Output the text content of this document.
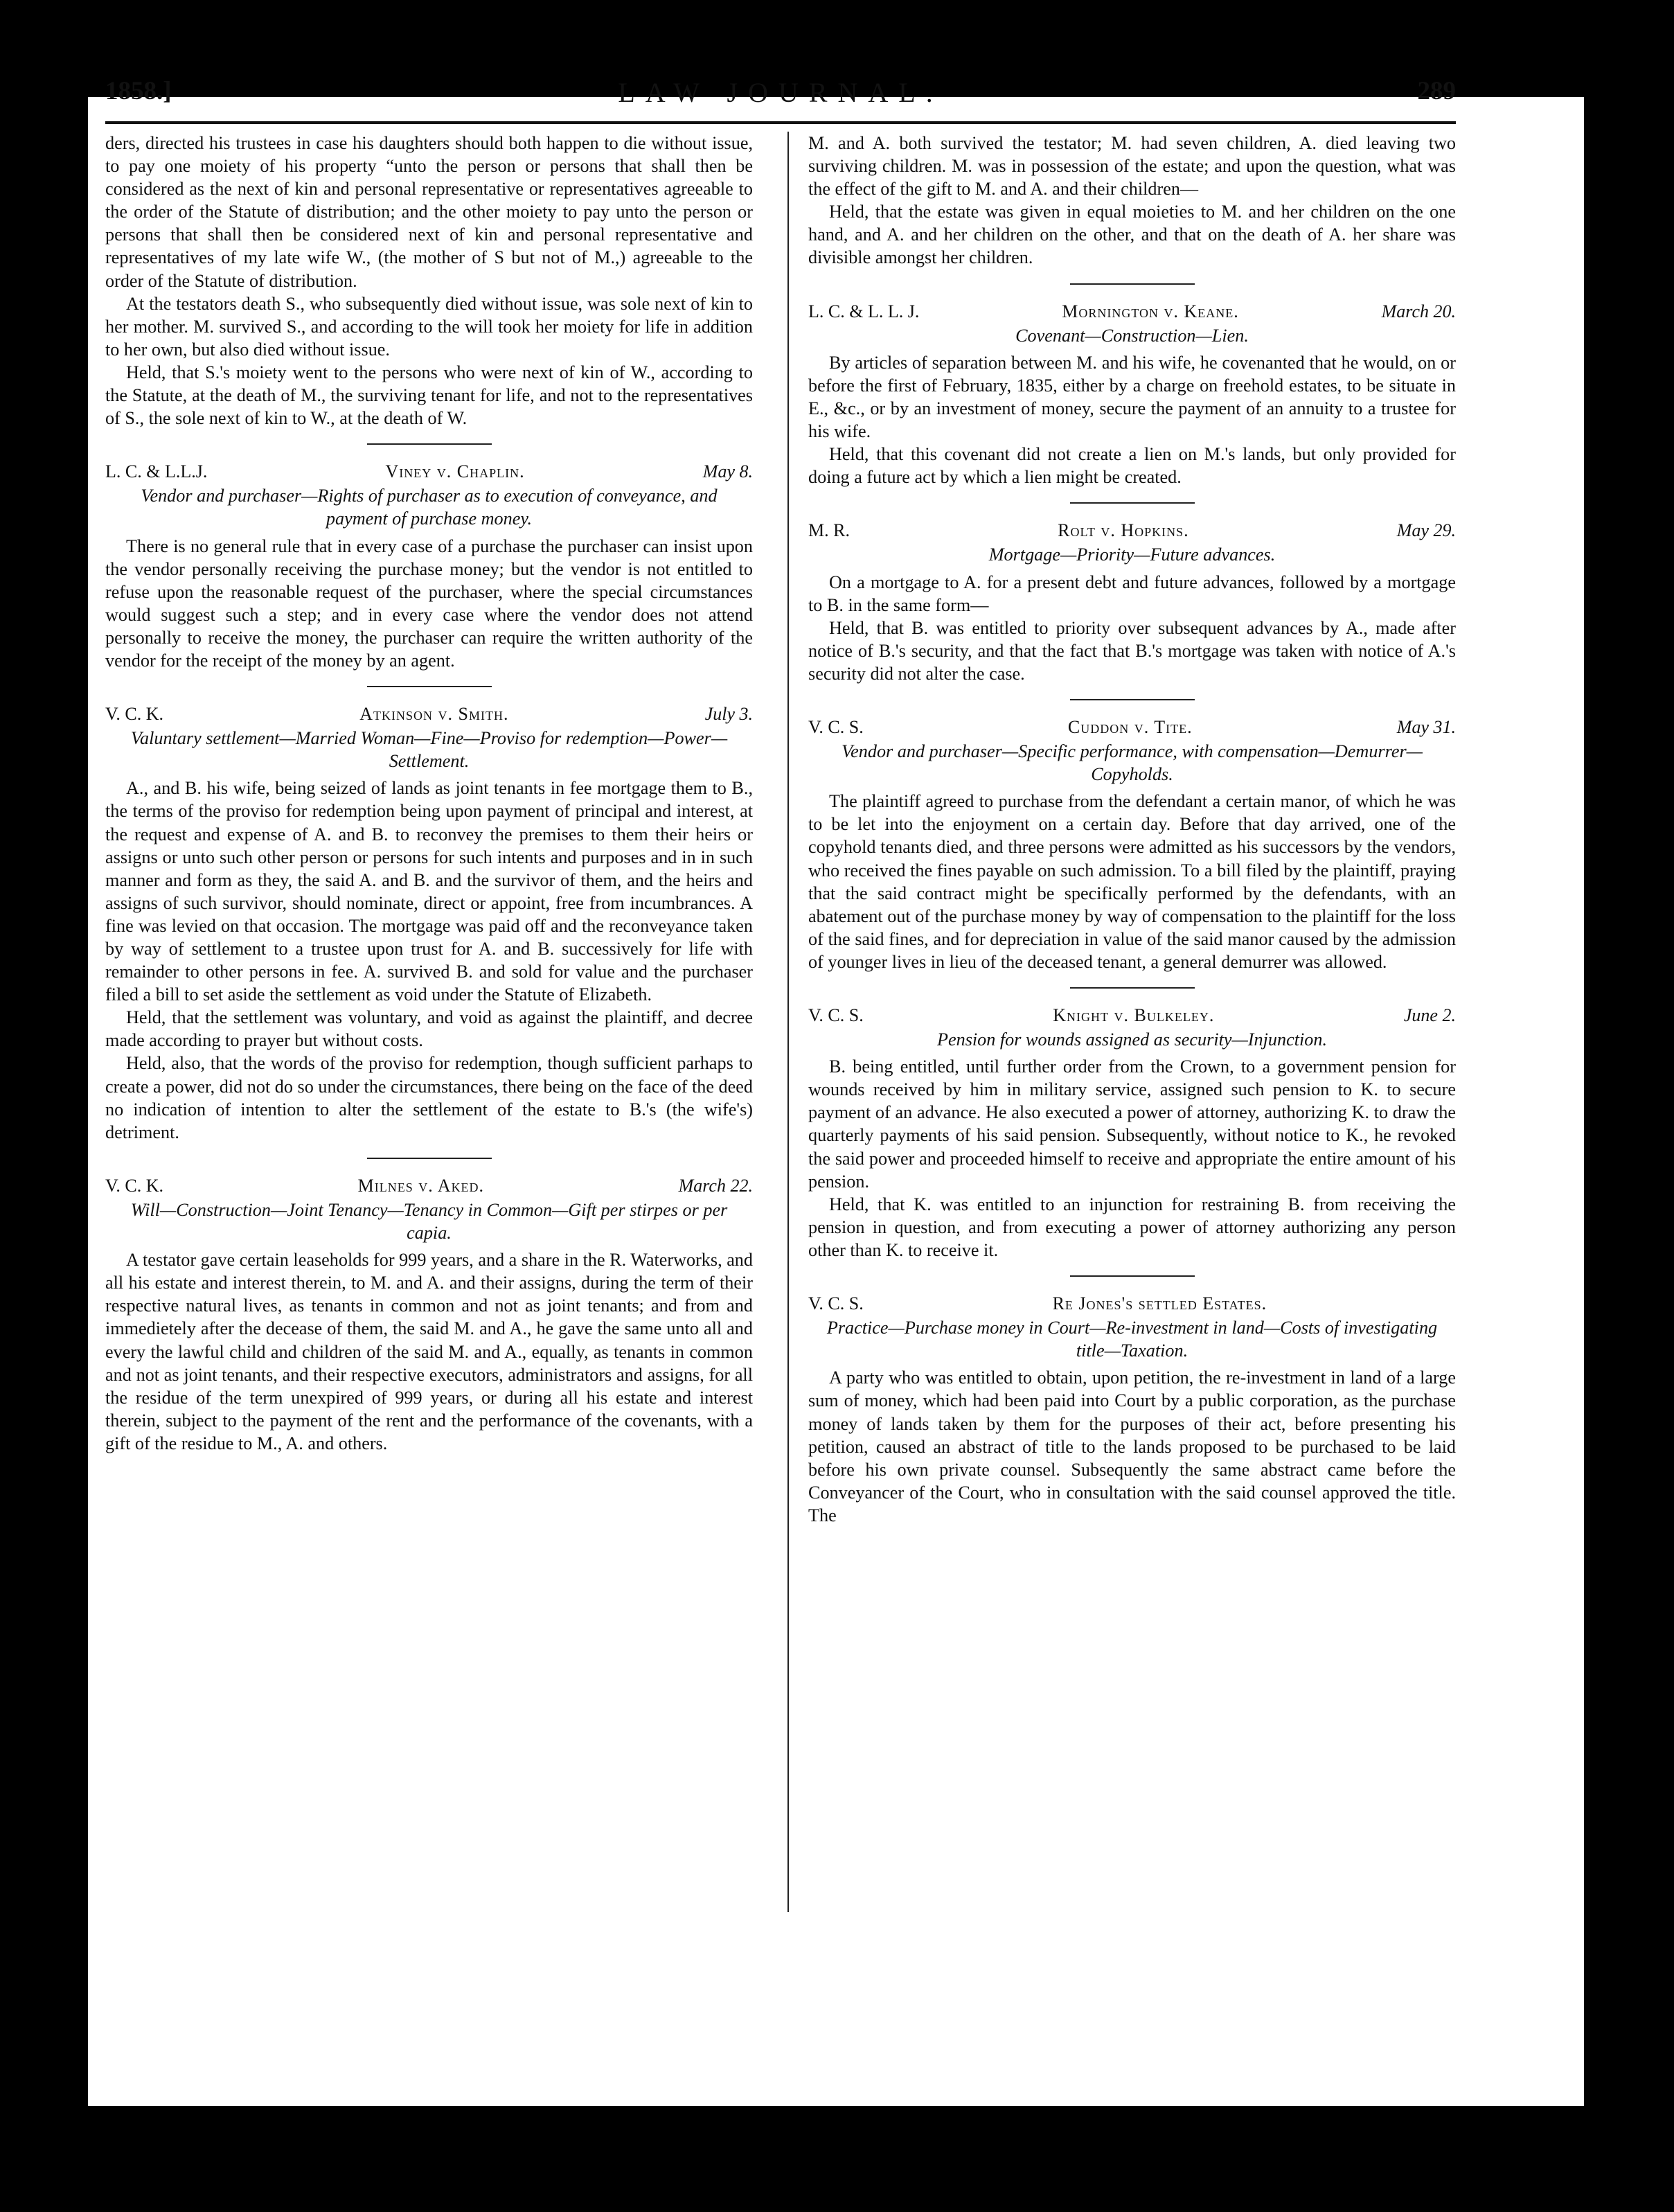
1858.]	LAW JOURNAL.	289

ders, directed his trustees in case his daughters should both happen to die without issue, to pay one moiety of his property “unto the person or persons that shall then be considered as the next of kin and personal representative or representatives agreeable to the order of the Statute of distribution; and the other moiety to pay unto the person or persons that shall then be considered next of kin and personal representative and representatives of my late wife W., (the mother of S but not of M.,) agreeable to the order of the Statute of distribution.

At the testators death S., who subsequently died without issue, was sole next of kin to her mother. M. survived S., and according to the will took her moiety for life in addition to her own, but also died without issue.

Held, that S.'s moiety went to the persons who were next of kin of W., according to the Statute, at the death of M., the surviving tenant for life, and not to the representatives of S., the sole next of kin to W., at the death of W.

L. C. & L.L.J.	Viney v. Chaplin.	May 8.
Vendor and purchaser—Rights of purchaser as to execution of conveyance, and payment of purchase money.

There is no general rule that in every case of a purchase the purchaser can insist upon the vendor personally receiving the purchase money; but the vendor is not entitled to refuse upon the reasonable request of the purchaser, where the special circumstances would suggest such a step; and in every case where the vendor does not attend personally to receive the money, the purchaser can require the written authority of the vendor for the receipt of the money by an agent.

V. C. K.	Atkinson v. Smith.	July 3.
Valuntary settlement—Married Woman—Fine—Proviso for redemption—Power—Settlement.

A., and B. his wife, being seized of lands as joint tenants in fee mortgage them to B., the terms of the proviso for redemption being upon payment of principal and interest, at the request and expense of A. and B. to reconvey the premises to them their heirs or assigns or unto such other person or persons for such intents and purposes and in in such manner and form as they, the said A. and B. and the survivor of them, and the heirs and assigns of such survivor, should nominate, direct or appoint, free from incumbrances. A fine was levied on that occasion. The mortgage was paid off and the reconveyance taken by way of settlement to a trustee upon trust for A. and B. successively for life with remainder to other persons in fee. A. survived B. and sold for value and the purchaser filed a bill to set aside the settlement as void under the Statute of Elizabeth.

Held, that the settlement was voluntary, and void as against the plaintiff, and decree made according to prayer but without costs.

Held, also, that the words of the proviso for redemption, though sufficient parhaps to create a power, did not do so under the circumstances, there being on the face of the deed no indication of intention to alter the settlement of the estate to B.'s (the wife's) detriment.

V. C. K.	Milnes v. Aked.	March 22.
Will—Construction—Joint Tenancy—Tenancy in Common—Gift per stirpes or per capia.

A testator gave certain leaseholds for 999 years, and a share in the R. Waterworks, and all his estate and interest therein, to M. and A. and their assigns, during the term of their respective natural lives, as tenants in common and not as joint tenants; and from and immedietely after the decease of them, the said M. and A., he gave the same unto all and every the lawful child and children of the said M. and A., equally, as tenants in common and not as joint tenants, and their respective executors, administrators and assigns, for all the residue of the term unexpired of 999 years, or during all his estate and interest therein, subject to the payment of the rent and the performance of the covenants, with a gift of the residue to M., A. and others.

M. and A. both survived the testator; M. had seven children, A. died leaving two surviving children. M. was in possession of the estate; and upon the question, what was the effect of the gift to M. and A. and their children—

Held, that the estate was given in equal moieties to M. and her children on the one hand, and A. and her children on the other, and that on the death of A. her share was divisible amongst her children.

L. C. & L. L. J.	Mornington v. Keane.	March 20.
Covenant—Construction—Lien.

By articles of separation between M. and his wife, he covenanted that he would, on or before the first of February, 1835, either by a charge on freehold estates, to be situate in E., &c., or by an investment of money, secure the payment of an annuity to a trustee for his wife.

Held, that this covenant did not create a lien on M.'s lands, but only provided for doing a future act by which a lien might be created.

M. R.	Rolt v. Hopkins.	May 29.
Mortgage—Priority—Future advances.

On a mortgage to A. for a present debt and future advances, followed by a mortgage to B. in the same form—

Held, that B. was entitled to priority over subsequent advances by A., made after notice of B.'s security, and that the fact that B.'s mortgage was taken with notice of A.'s security did not alter the case.

V. C. S.	Cuddon v. Tite.	May 31.
Vendor and purchaser—Specific performance, with compensation—Demurrer—Copyholds.

The plaintiff agreed to purchase from the defendant a certain manor, of which he was to be let into the enjoyment on a certain day. Before that day arrived, one of the copyhold tenants died, and three persons were admitted as his successors by the vendors, who received the fines payable on such admission. To a bill filed by the plaintiff, praying that the said contract might be specifically performed by the defendants, with an abatement out of the purchase money by way of compensation to the plaintiff for the loss of the said fines, and for depreciation in value of the said manor caused by the admission of younger lives in lieu of the deceased tenant, a general demurrer was allowed.

V. C. S.	Knight v. Bulkeley.	June 2.
Pension for wounds assigned as security—Injunction.

B. being entitled, until further order from the Crown, to a government pension for wounds received by him in military service, assigned such pension to K. to secure payment of an advance. He also executed a power of attorney, authorizing K. to draw the quarterly payments of his said pension. Subsequently, without notice to K., he revoked the said power and proceeded himself to receive and appropriate the entire amount of his pension.

Held, that K. was entitled to an injunction for restraining B. from receiving the pension in question, and from executing a power of attorney authorizing any person other than K. to receive it.

V. C. S.	Re Jones's settled Estates.
Practice—Purchase money in Court—Re-investment in land—Costs of investigating title—Taxation.

A party who was entitled to obtain, upon petition, the re-investment in land of a large sum of money, which had been paid into Court by a public corporation, as the purchase money of lands taken by them for the purposes of their act, before presenting his petition, caused an abstract of title to the lands proposed to be purchased to be laid before his own private counsel. Subsequently the same abstract came before the Conveyancer of the Court, who in consultation with the said counsel approved the title. The
